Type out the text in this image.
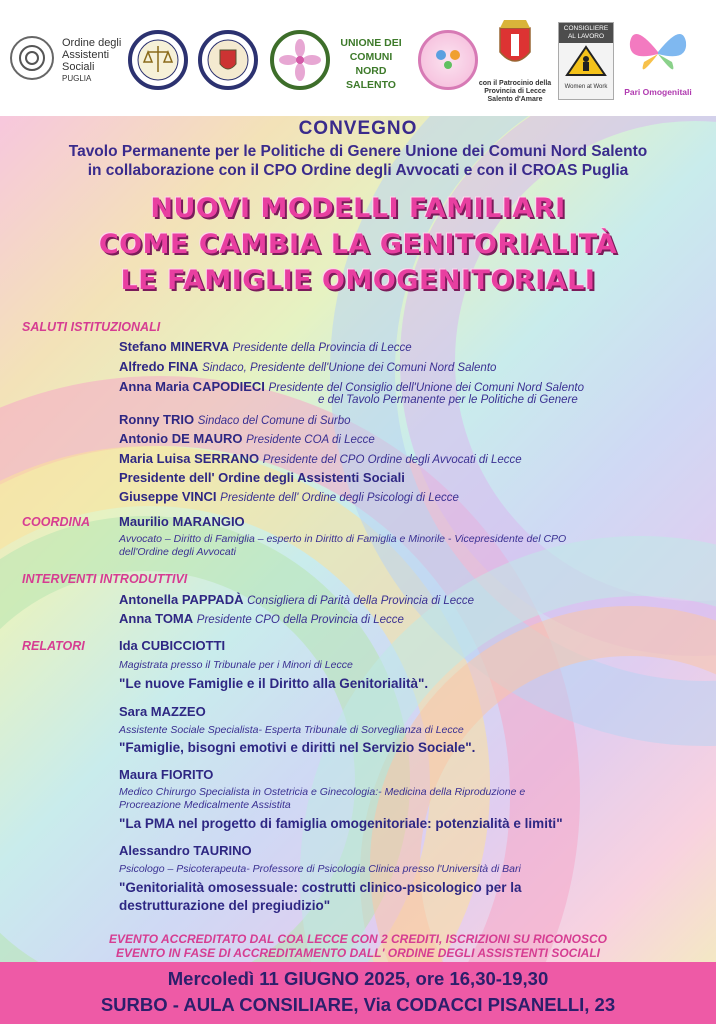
Ordine degli
Assistenti
Sociali
PUGLIA
UNIONE DEI
COMUNI
NORD SALENTO	con il Patrocinio della
Provincia di Lecce
Salento d'Amare
CONSIGLIERE
AL LAVORO
Women at Work	Pari Omogenitali
CONVEGNO
Tavolo Permanente per le Politiche di Genere Unione dei Comuni Nord Salento
in collaborazione con il CPO Ordine degli Avvocati e con il CROAS Puglia
NUOVI MODELLI FAMILIARI
COME CAMBIA LA GENITORIALITÀ
LE FAMIGLIE OMOGENITORIALI
SALUTI ISTITUZIONALI
Stefano MINERVA Presidente della Provincia di Lecce
Alfredo FINA Sindaco, Presidente dell'Unione dei Comuni Nord Salento
Anna Maria CAPODIECI Presidente del Consiglio dell'Unione dei Comuni Nord Salento
e del Tavolo Permanente per le Politiche di Genere
Ronny TRIO Sindaco del Comune di Surbo
Antonio DE MAURO Presidente COA di Lecce
Maria Luisa SERRANO Presidente del CPO Ordine degli Avvocati di Lecce
Presidente dell' Ordine degli Assistenti Sociali
Giuseppe VINCI Presidente dell' Ordine degli Psicologi di Lecce
COORDINA Maurilio MARANGIO
Avvocato – Diritto di Famiglia – esperto in Diritto di Famiglia e Minorile - Vicepresidente del CPO
dell'Ordine degli Avvocati
INTERVENTI INTRODUTTIVI
Antonella PAPPADÀ Consigliera di Parità della Provincia di Lecce
Anna TOMA Presidente CPO della Provincia di Lecce
RELATORI	Ida CUBICCIOTTI
Magistrata presso il Tribunale per i Minori di Lecce
"Le nuove Famiglie e il Diritto alla Genitorialità".
Sara MAZZEO
Assistente Sociale Specialista- Esperta Tribunale di Sorveglianza di Lecce
"Famiglie, bisogni emotivi e diritti nel Servizio Sociale".
Maura FIORITO
Medico Chirurgo Specialista in Ostetricia e Ginecologia:- Medicina della Riproduzione e
Procreazione Medicalmente Assistita
"La PMA nel progetto di famiglia omogenitoriale: potenzialità e limiti"
Alessandro TAURINO
Psicologo – Psicoterapeuta- Professore di Psicologia Clinica presso l'Università di Bari
"Genitorialità omosessuale: costrutti clinico-psicologico per la
destrutturazione del pregiudizio"
EVENTO ACCREDITATO DAL COA LECCE CON 2 CREDITI, ISCRIZIONI SU RICONOSCO
EVENTO IN FASE DI ACCREDITAMENTO DALL' ORDINE DEGLI ASSISTENTI SOCIALI
Mercoledì 11 GIUGNO 2025, ore 16,30-19,30
SURBO - AULA CONSILIARE, Via CODACCI PISANELLI, 23
